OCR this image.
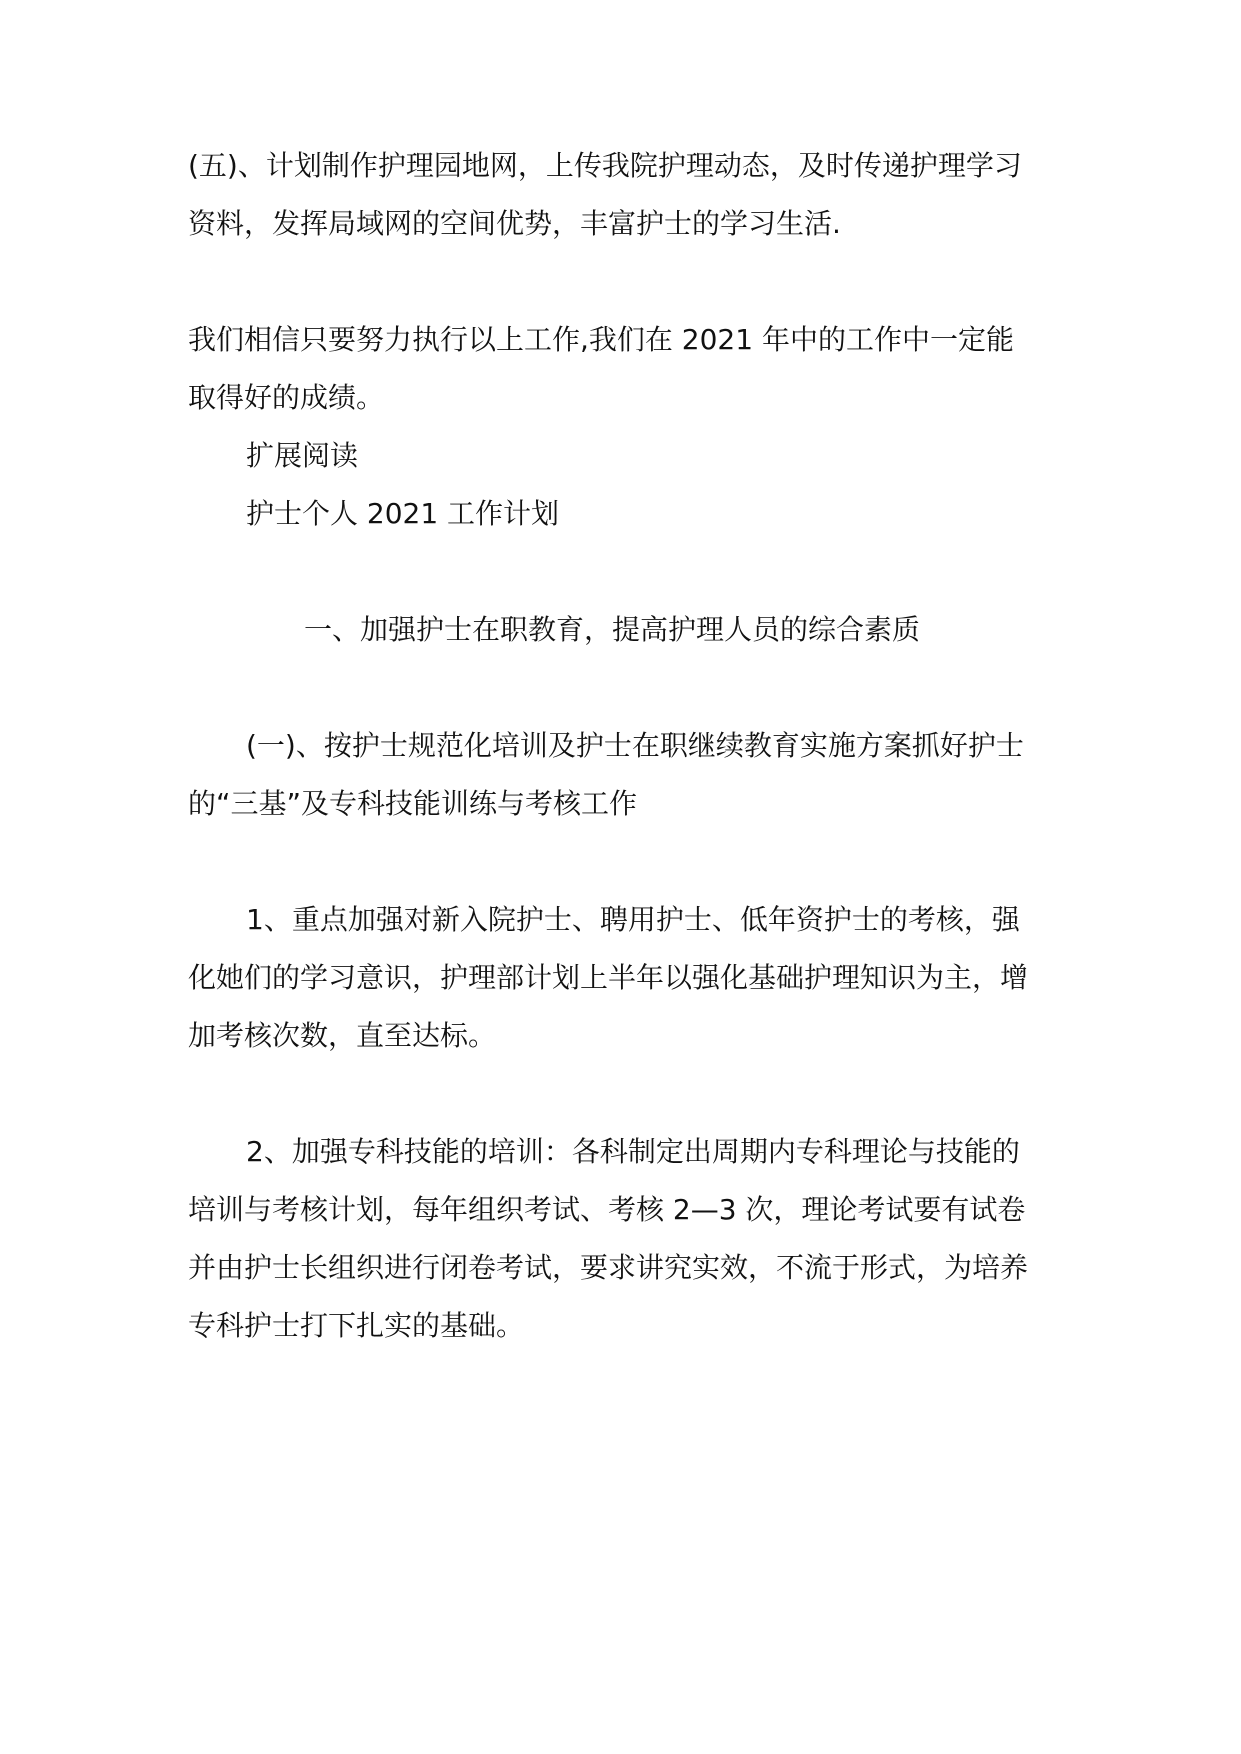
(五)、计划制作护理园地网，上传我院护理动态，及时传递护理学习
资料，发挥局域网的空间优势，丰富护士的学习生活.
我们相信只要努力执行以上工作,我们在 2021 年中的工作中一定能
取得好的成绩。
扩展阅读
护士个人 2021 工作计划
一、加强护士在职教育，提高护理人员的综合素质
(一)、按护士规范化培训及护士在职继续教育实施方案抓好护士
的“三基”及专科技能训练与考核工作
1、重点加强对新入院护士、聘用护士、低年资护士的考核，强
化她们的学习意识，护理部计划上半年以强化基础护理知识为主，增
加考核次数，直至达标。
2、加强专科技能的培训：各科制定出周期内专科理论与技能的
培训与考核计划，每年组织考试、考核 2—3 次，理论考试要有试卷
并由护士长组织进行闭卷考试，要求讲究实效，不流于形式，为培养
专科护士打下扎实的基础。
